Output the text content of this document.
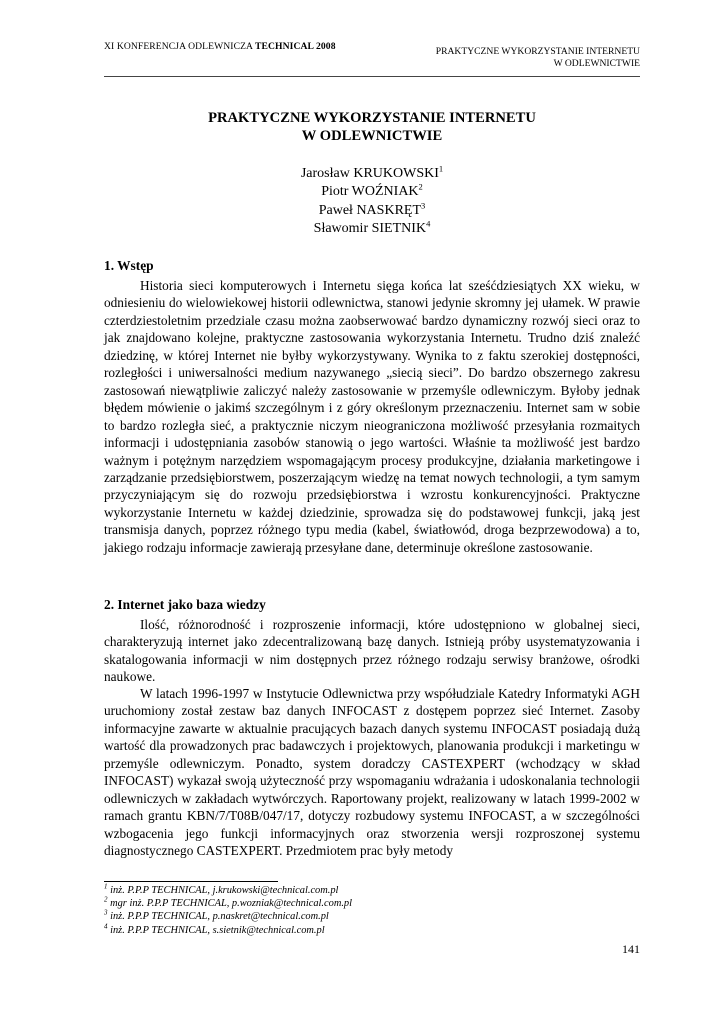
XI KONFERENCJA ODLEWNICZA TECHNICAL 2008	PRAKTYCZNE WYKORZYSTANIE INTERNETU
W ODLEWNICTWIE
PRAKTYCZNE WYKORZYSTANIE INTERNETU
W ODLEWNICTWIE
Jarosław KRUKOWSKI$^1$
Piotr WOŹNIAK$^2$
Paweł NASKRĘT$^3$
Sławomir SIETNIK$^4$
1. Wstęp

Historia sieci komputerowych i Internetu sięga końca lat sześćdziesiątych XX wieku, w odniesieniu do wielowiekowej historii odlewnictwa, stanowi jedynie skromny jej ułamek. W prawie czterdziestoletnim przedziale czasu można zaobserwować bardzo dynamiczny rozwój sieci oraz to jak znajdowano kolejne, praktyczne zastosowania wykorzystania Internetu. Trudno dziś znaleźć dziedzinę, w której Internet nie byłby wykorzystywany. Wynika to z faktu szerokiej dostępności, rozległości i uniwersalności medium nazywanego „siecią sieci”. Do bardzo obszernego zakresu zastosowań niewątpliwie zaliczyć należy zastosowanie w przemyśle odlewniczym. Byłoby jednak błędem mówienie o jakimś szczególnym i z góry określonym przeznaczeniu. Internet sam w sobie to bardzo rozległa sieć, a praktycznie niczym nieograniczona możliwość przesyłania rozmaitych informacji i udostępniania zasobów stanowią o jego wartości. Właśnie ta możliwość jest bardzo ważnym i potężnym narzędziem wspomagającym procesy produkcyjne, działania marketingowe i zarządzanie przedsiębiorstwem, poszerzającym wiedzę na temat nowych technologii, a tym samym przyczyniającym się do rozwoju przedsiębiorstwa i wzrostu konkurencyjności. Praktyczne wykorzystanie Internetu w każdej dziedzinie, sprowadza się do podstawowej funkcji, jaką jest transmisja danych, poprzez różnego typu media (kabel, światłowód, droga bezprzewodowa) a to, jakiego rodzaju informacje zawierają przesyłane dane, determinuje określone zastosowanie.

2. Internet jako baza wiedzy

Ilość, różnorodność i rozproszenie informacji, które udostępniono w globalnej sieci, charakteryzują internet jako zdecentralizowaną bazę danych. Istnieją próby usystematyzowania i skatalogowania informacji w nim dostępnych przez różnego rodzaju serwisy branżowe, ośrodki naukowe.

W latach 1996-1997 w Instytucie Odlewnictwa przy współudziale Katedry Informatyki AGH uruchomiony został zestaw baz danych INFOCAST z dostępem poprzez sieć Internet. Zasoby informacyjne zawarte w aktualnie pracujących bazach danych systemu INFOCAST posiadają dużą wartość dla prowadzonych prac badawczych i projektowych, planowania produkcji i marketingu w przemyśle odlewniczym. Ponadto, system doradczy CASTEXPERT (wchodzący w skład INFOCAST) wykazał swoją użyteczność przy wspomaganiu wdrażania i udoskonalania technologii odlewniczych w zakładach wytwórczych. Raportowany projekt, realizowany w latach 1999-2002 w ramach grantu KBN/7/T08B/047/17, dotyczy rozbudowy systemu INFOCAST, a w szczególności wzbogacenia jego funkcji informacyjnych oraz stworzenia wersji rozproszonej systemu diagnostycznego CASTEXPERT. Przedmiotem prac były metody

$^1$ inż. P.P.P TECHNICAL, j.krukowski@technical.com.pl
$^2$ mgr inż. P.P.P TECHNICAL, p.wozniak@technical.com.pl
$^3$ inż. P.P.P TECHNICAL, p.naskret@technical.com.pl
$^4$ inż. P.P.P TECHNICAL, s.sietnik@technical.com.pl
141
